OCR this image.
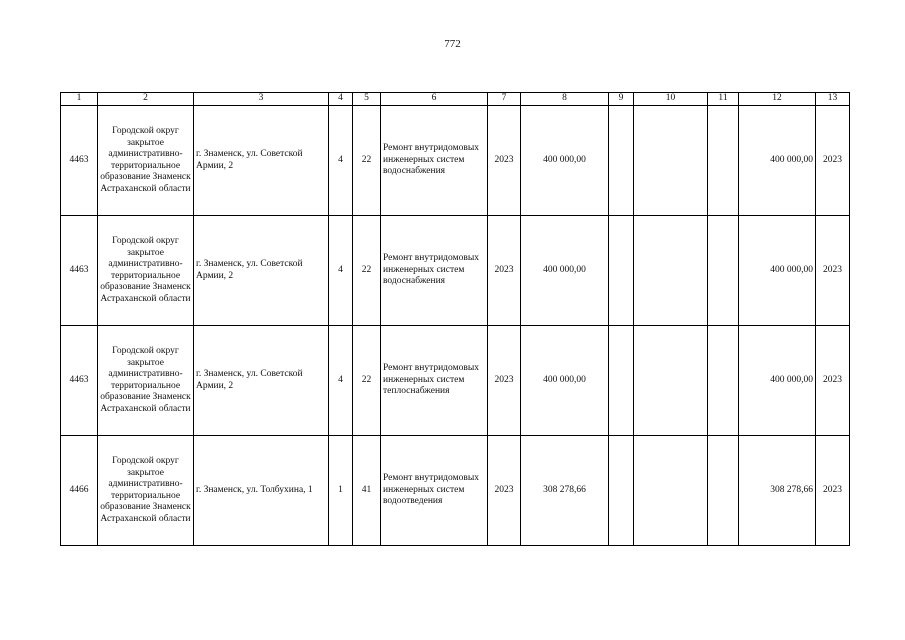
772
1	2	3	4	5	6	7	8	9	10	11	12	13
4463	Городской округ закрытое административно-территориальное образование Знаменск Астраханской области	г. Знаменск, ул. Советской Армии, 2	4	22	Ремонт внутридомовых инженерных систем водоснабжения	2023	400 000,00				400 000,00	2023
4463	Городской округ закрытое административно-территориальное образование Знаменск Астраханской области	г. Знаменск, ул. Советской Армии, 2	4	22	Ремонт внутридомовых инженерных систем водоснабжения	2023	400 000,00				400 000,00	2023
4463	Городской округ закрытое административно-территориальное образование Знаменск Астраханской области	г. Знаменск, ул. Советской Армии, 2	4	22	Ремонт внутридомовых инженерных систем теплоснабжения	2023	400 000,00				400 000,00	2023
4466	Городской округ закрытое административно-территориальное образование Знаменск Астраханской области	г. Знаменск, ул. Толбухина, 1	1	41	Ремонт внутридомовых инженерных систем водоотведения	2023	308 278,66				308 278,66	2023
